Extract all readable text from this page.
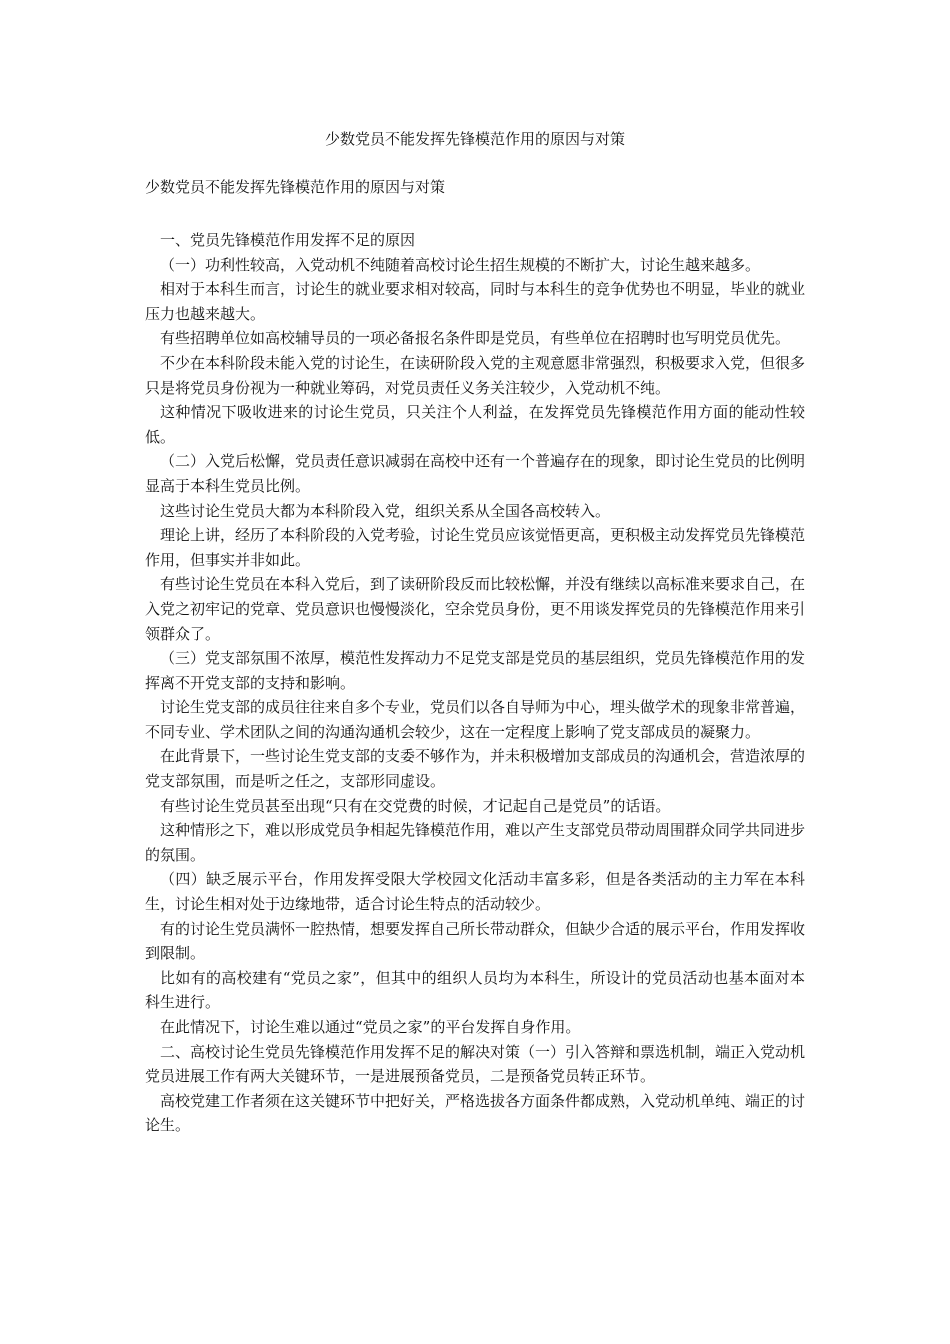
少数党员不能发挥先锋模范作用的原因与对策
少数党员不能发挥先锋模范作用的原因与对策

一、党员先锋模范作用发挥不足的原因

（一）功利性较高，入党动机不纯随着高校讨论生招生规模的不断扩大，讨论生越来越多。

相对于本科生而言，讨论生的就业要求相对较高，同时与本科生的竞争优势也不明显，毕业的就业压力也越来越大。

有些招聘单位如高校辅导员的一项必备报名条件即是党员，有些单位在招聘时也写明党员优先。

不少在本科阶段未能入党的讨论生，在读研阶段入党的主观意愿非常强烈，积极要求入党，但很多只是将党员身份视为一种就业筹码，对党员责任义务关注较少，入党动机不纯。

这种情况下吸收进来的讨论生党员，只关注个人利益，在发挥党员先锋模范作用方面的能动性较低。

（二）入党后松懈，党员责任意识减弱在高校中还有一个普遍存在的现象，即讨论生党员的比例明显高于本科生党员比例。

这些讨论生党员大都为本科阶段入党，组织关系从全国各高校转入。

理论上讲，经历了本科阶段的入党考验，讨论生党员应该觉悟更高，更积极主动发挥党员先锋模范作用，但事实并非如此。

有些讨论生党员在本科入党后，到了读研阶段反而比较松懈，并没有继续以高标准来要求自己，在入党之初牢记的党章、党员意识也慢慢淡化，空余党员身份，更不用谈发挥党员的先锋模范作用来引领群众了。

（三）党支部氛围不浓厚，模范性发挥动力不足党支部是党员的基层组织，党员先锋模范作用的发挥离不开党支部的支持和影响。

讨论生党支部的成员往往来自多个专业，党员们以各自导师为中心，埋头做学术的现象非常普遍，不同专业、学术团队之间的沟通沟通机会较少，这在一定程度上影响了党支部成员的凝聚力。

在此背景下，一些讨论生党支部的支委不够作为，并未积极增加支部成员的沟通机会，营造浓厚的党支部氛围，而是听之任之，支部形同虚设。

有些讨论生党员甚至出现“只有在交党费的时候，才记起自己是党员”的话语。

这种情形之下，难以形成党员争相起先锋模范作用，难以产生支部党员带动周围群众同学共同进步的氛围。

（四）缺乏展示平台，作用发挥受限大学校园文化活动丰富多彩，但是各类活动的主力军在本科生，讨论生相对处于边缘地带，适合讨论生特点的活动较少。

有的讨论生党员满怀一腔热情，想要发挥自己所长带动群众，但缺少合适的展示平台，作用发挥收到限制。

比如有的高校建有“党员之家”，但其中的组织人员均为本科生，所设计的党员活动也基本面对本科生进行。

在此情况下，讨论生难以通过“党员之家”的平台发挥自身作用。

二、高校讨论生党员先锋模范作用发挥不足的解决对策（一）引入答辩和票选机制，端正入党动机党员进展工作有两大关键环节，一是进展预备党员，二是预备党员转正环节。

高校党建工作者须在这关键环节中把好关，严格选拔各方面条件都成熟，入党动机单纯、端正的讨论生。
